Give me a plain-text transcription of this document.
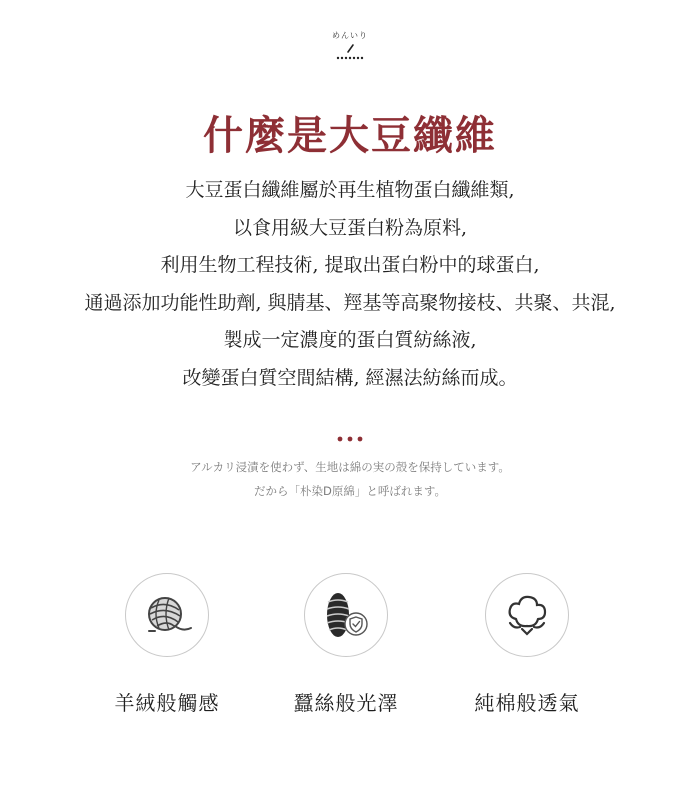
めんいり
什麼是大豆纖維
大豆蛋白纖維屬於再生植物蛋白纖維類,
以食用級大豆蛋白粉為原料,
利用生物工程技術, 提取出蛋白粉中的球蛋白,
通過添加功能性助劑, 與腈基、羥基等高聚物接枝、共聚、共混,
製成一定濃度的蛋白質紡絲液,
改變蛋白質空間結構, 經濕法紡絲而成。
アルカリ浸漬を使わず、生地は綿の実の殻を保持しています。
だから「朴染D原綿」と呼ばれます。
羊絨般觸感	蠶絲般光澤	純棉般透氣
